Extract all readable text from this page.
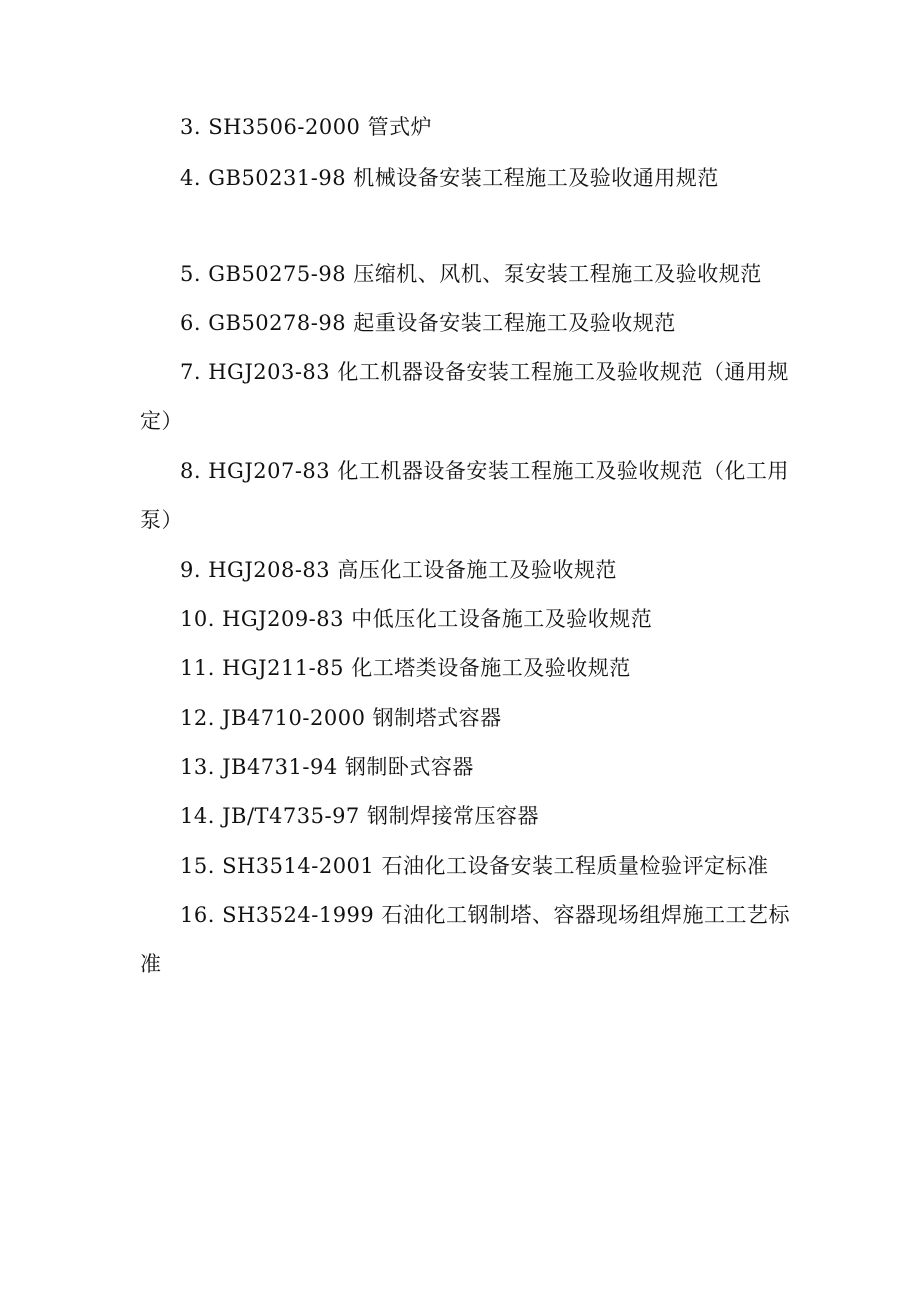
3. SH3506-2000 管式炉
4. GB50231-98 机械设备安装工程施工及验收通用规范
5. GB50275-98 压缩机、风机、泵安装工程施工及验收规范
6. GB50278-98 起重设备安装工程施工及验收规范
7. HGJ203-83 化工机器设备安装工程施工及验收规范（通用规定）
8. HGJ207-83 化工机器设备安装工程施工及验收规范（化工用泵）
9. HGJ208-83 高压化工设备施工及验收规范
10. HGJ209-83 中低压化工设备施工及验收规范
11. HGJ211-85 化工塔类设备施工及验收规范
12. JB4710-2000 钢制塔式容器
13. JB4731-94 钢制卧式容器
14. JB/T4735-97 钢制焊接常压容器
15. SH3514-2001 石油化工设备安装工程质量检验评定标准
16. SH3524-1999 石油化工钢制塔、容器现场组焊施工工艺标准
